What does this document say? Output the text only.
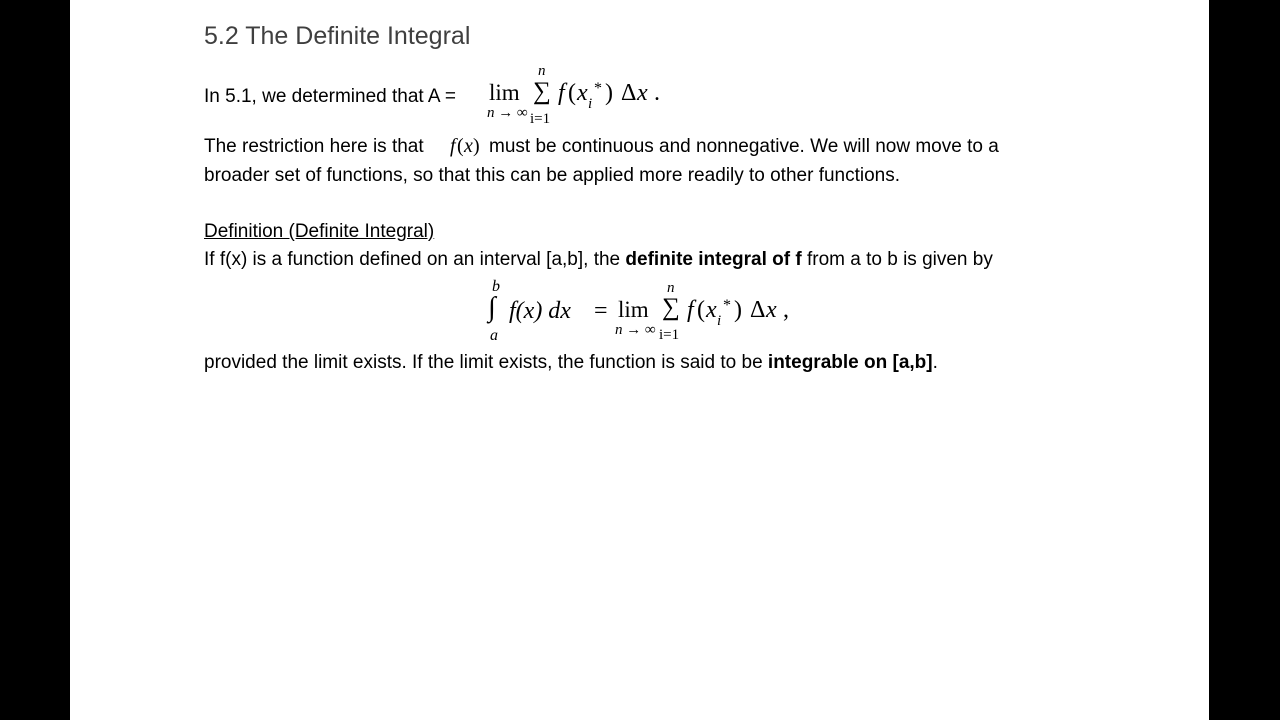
5.2 The Definite Integral
In 5.1, we determined that A = lim
n → ∞
n
∑
i=1
f ( x i
* ) Δ x .
The restriction here is that f ( x ) must be continuous and nonnegative. We will now move to a
broader set of functions, so that this can be applied more readily to other functions.
Definition (Definite Integral)
If f(x) is a function defined on an interval [a,b], the definite integral of f from a to b is given by
b
∫
a
f(x) dx = lim
n → ∞
n
∑
i=1
f ( x i
* ) Δ x ,
provided the limit exists. If the limit exists, the function is said to be integrable on [a,b].
